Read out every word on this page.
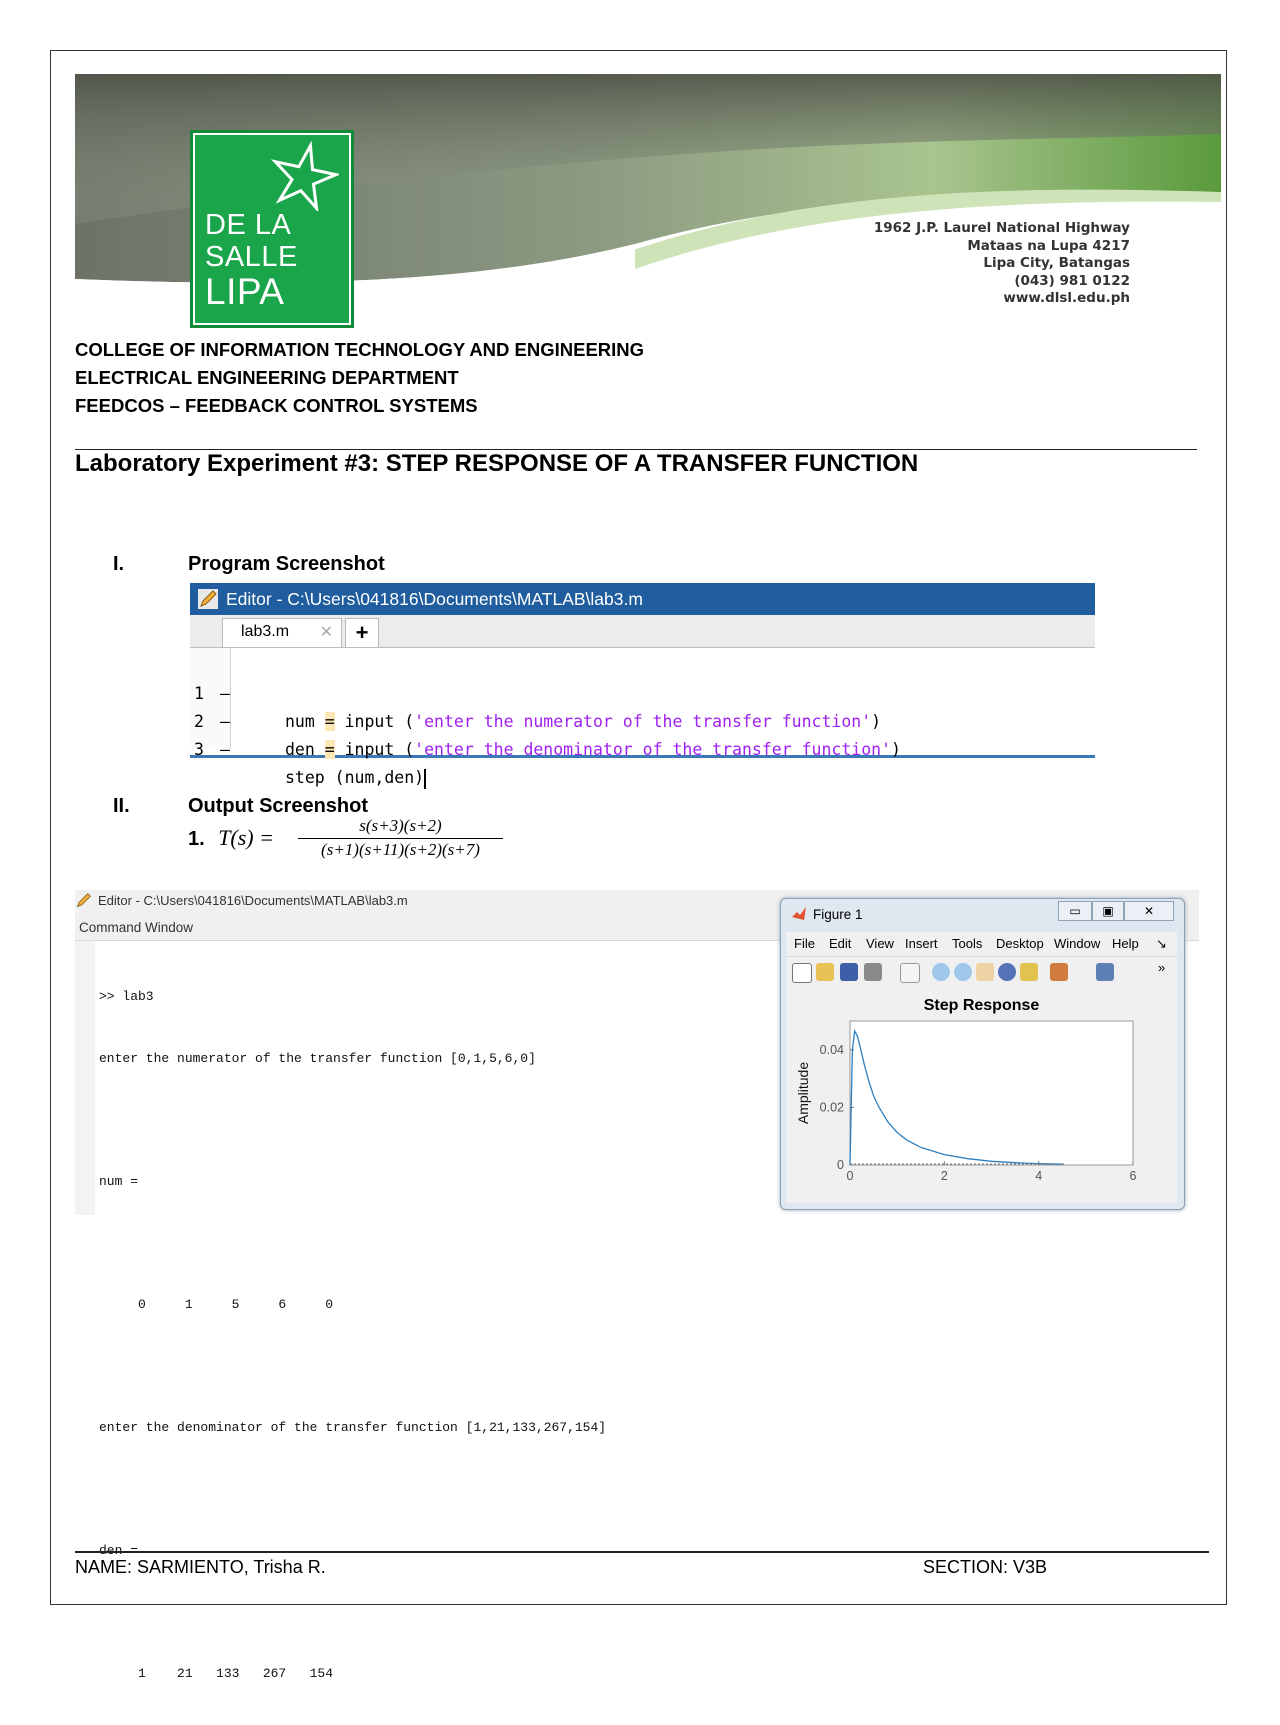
DE LA
SALLE
LIPA
1962 J.P. Laurel National Highway
Mataas na Lupa 4217
Lipa City, Batangas
(043) 981 0122
www.dlsl.edu.ph
COLLEGE OF INFORMATION TECHNOLOGY AND ENGINEERING
ELECTRICAL ENGINEERING DEPARTMENT
FEEDCOS – FEEDBACK CONTROL SYSTEMS
Laboratory Experiment #3: STEP RESPONSE OF A TRANSFER FUNCTION
I.	Program Screenshot
Editor - C:\Users\041816\Documents\MATLAB\lab3.m
lab3.m ✕	+

1 –

num = input ('enter the numerator of the transfer function')

2 –

den = input ('enter the denominator of the transfer function')

3 –

step (num,den)

II.	Output Screenshot
1. $T(s) = \frac{s(s+3)(s+2)}{(s+1)(s+11)(s+2)(s+7)}$
Editor - C:\Users\041816\Documents\MATLAB\lab3.m
Command Window

>> lab3

enter the numerator of the transfer function [0,1,5,6,0]

num =

0     1     5     6     0

enter the denominator of the transfer function [1,21,133,267,154]

den =

1    21   133   267   154

Figure 1	▭	▣	✕
File Edit View Insert Tools Desktop Window Help ↘
»
Step Response
0	2	4	6
0
0.02
0.04
Amplitude
NAME: SARMIENTO, Trisha R.	SECTION: V3B
